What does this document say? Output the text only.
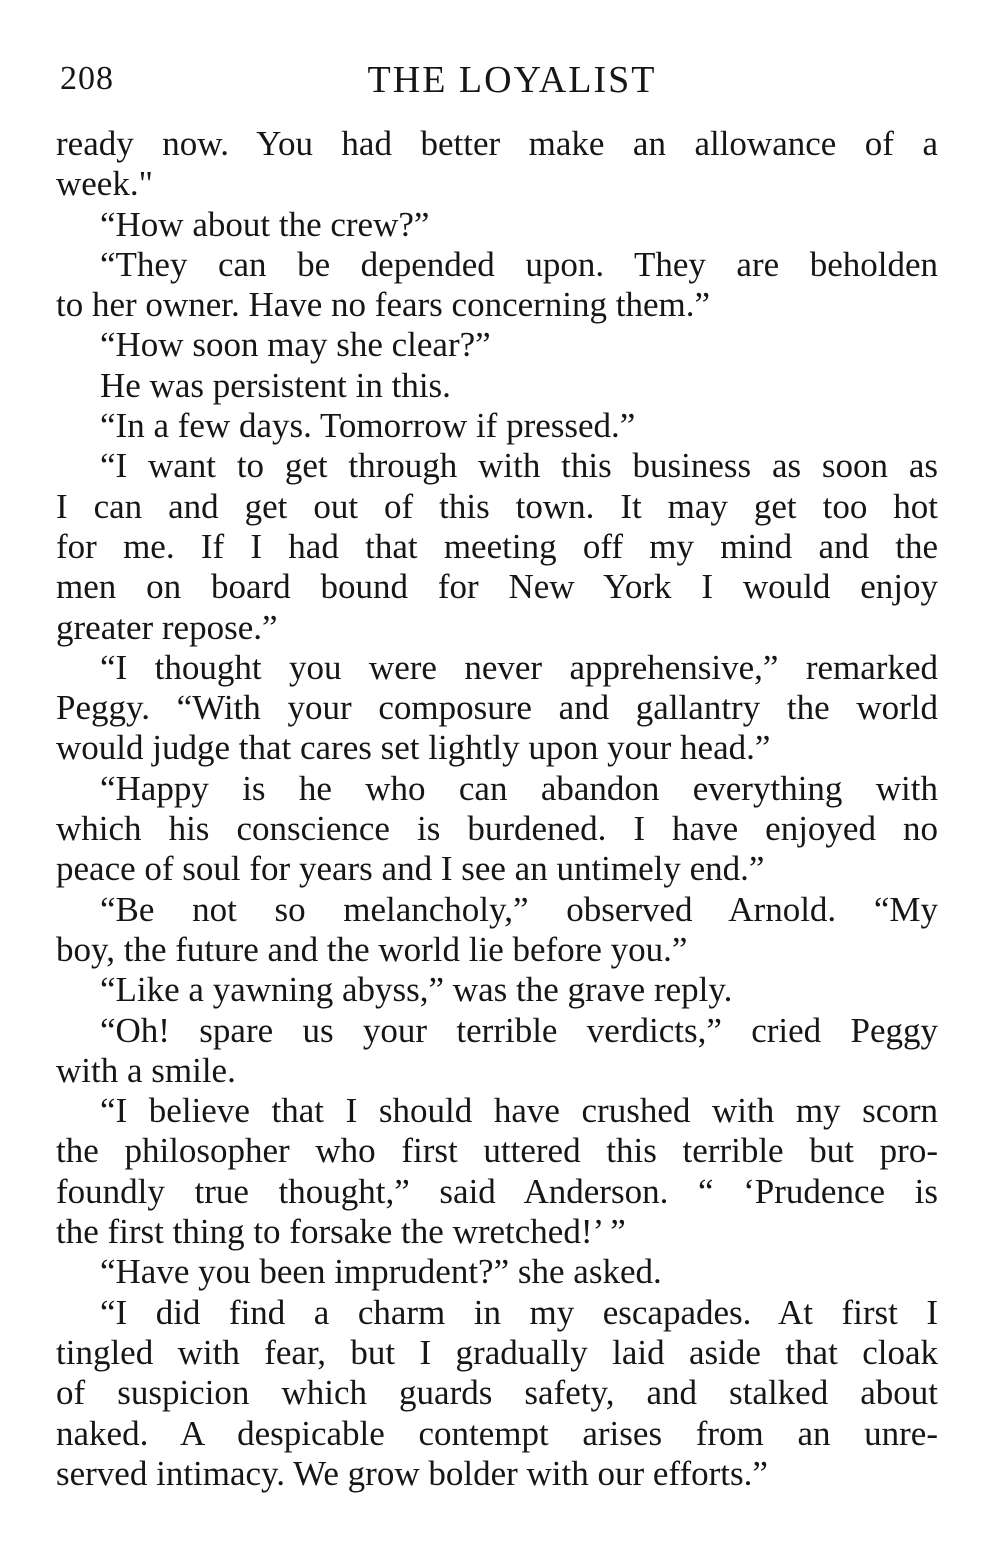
208	THE LOYALIST
ready now. You had better make an allowance of a
week."
“How about the crew?”
“They can be depended upon. They are beholden
to her owner. Have no fears concerning them.”
“How soon may she clear?”
He was persistent in this.
“In a few days. Tomorrow if pressed.”
“I want to get through with this business as soon as
I can and get out of this town. It may get too hot
for me. If I had that meeting off my mind and the
men on board bound for New York I would enjoy
greater repose.”
“I thought you were never apprehensive,” remarked
Peggy. “With your composure and gallantry the world
would judge that cares set lightly upon your head.”
“Happy is he who can abandon everything with
which his conscience is burdened. I have enjoyed no
peace of soul for years and I see an untimely end.”
“Be not so melancholy,” observed Arnold. “My
boy, the future and the world lie before you.”
“Like a yawning abyss,” was the grave reply.
“Oh! spare us your terrible verdicts,” cried Peggy
with a smile.
“I believe that I should have crushed with my scorn
the philosopher who first uttered this terrible but pro-
foundly true thought,” said Anderson. “ ‘Prudence is
the first thing to forsake the wretched!’ ”
“Have you been imprudent?” she asked.
“I did find a charm in my escapades. At first I
tingled with fear, but I gradually laid aside that cloak
of suspicion which guards safety, and stalked about
naked. A despicable contempt arises from an unre-
served intimacy. We grow bolder with our efforts.”
